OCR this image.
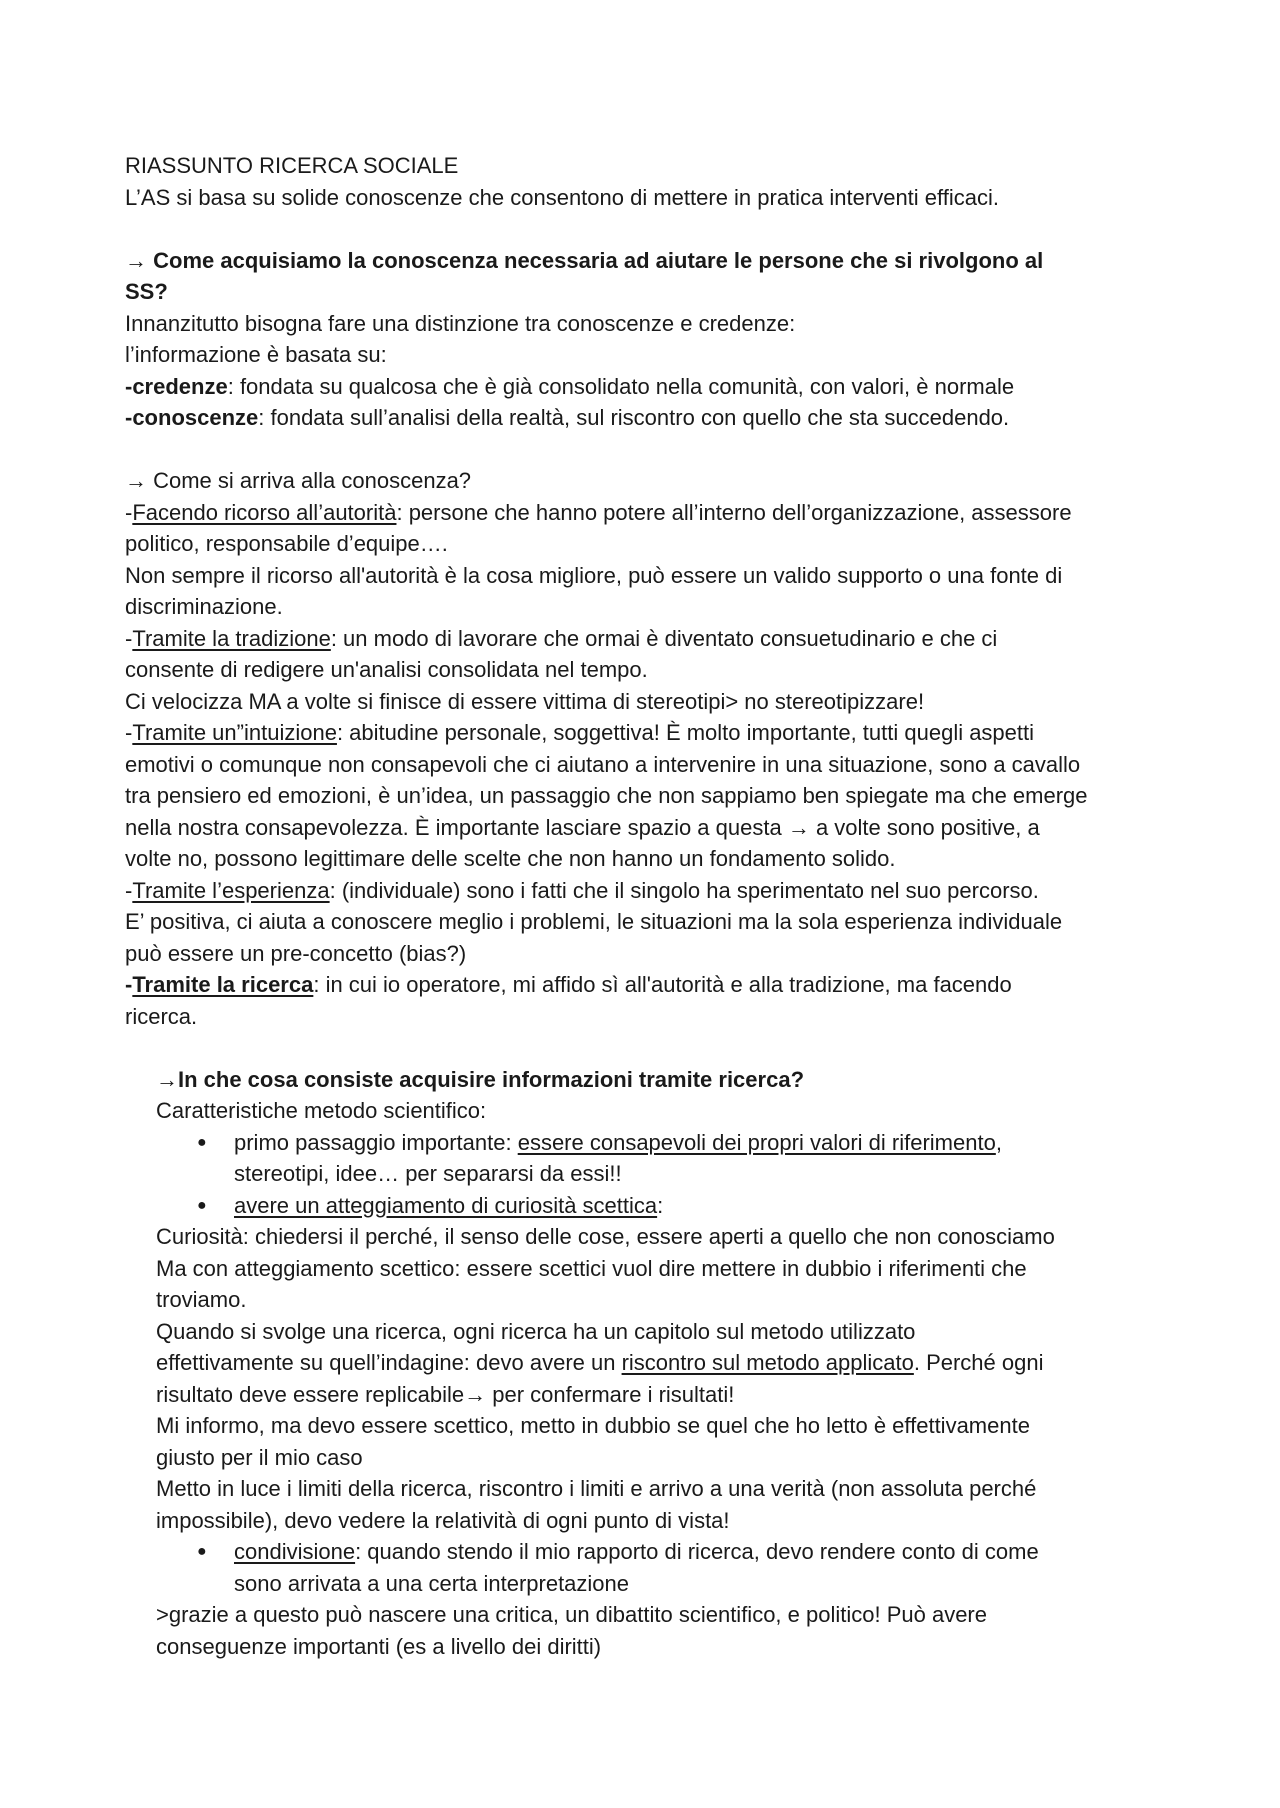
RIASSUNTO RICERCA SOCIALE
L’AS si basa su solide conoscenze che consentono di mettere in pratica interventi efficaci.
→ Come acquisiamo la conoscenza necessaria ad aiutare le persone che si rivolgono al
SS?
Innanzitutto bisogna fare una distinzione tra conoscenze e credenze:
l’informazione è basata su:
-credenze: fondata su qualcosa che è già consolidato nella comunità, con valori, è normale
-conoscenze: fondata sull’analisi della realtà, sul riscontro con quello che sta succedendo.
→ Come si arriva alla conoscenza?
-Facendo ricorso all’autorità: persone che hanno potere all’interno dell’organizzazione, assessore
politico, responsabile d’equipe….
Non sempre il ricorso all'autorità è la cosa migliore, può essere un valido supporto o una fonte di
discriminazione.
-Tramite la tradizione: un modo di lavorare che ormai è diventato consuetudinario e che ci
consente di redigere un'analisi consolidata nel tempo.
Ci velocizza MA a volte si finisce di essere vittima di stereotipi> no stereotipizzare!
-Tramite un”intuizione: abitudine personale, soggettiva! È molto importante, tutti quegli aspetti
emotivi o comunque non consapevoli che ci aiutano a intervenire in una situazione, sono a cavallo
tra pensiero ed emozioni, è un’idea, un passaggio che non sappiamo ben spiegate ma che emerge
nella nostra consapevolezza. È importante lasciare spazio a questa → a volte sono positive, a
volte no, possono legittimare delle scelte che non hanno un fondamento solido.
-Tramite l’esperienza: (individuale) sono i fatti che il singolo ha sperimentato nel suo percorso.
E’ positiva, ci aiuta a conoscere meglio i problemi, le situazioni ma la sola esperienza individuale
può essere un pre-concetto (bias?)
-Tramite la ricerca: in cui io operatore, mi affido sì all'autorità e alla tradizione, ma facendo
ricerca.
→In che cosa consiste acquisire informazioni tramite ricerca?
Caratteristiche metodo scientifico:
● primo passaggio importante: essere consapevoli dei propri valori di riferimento,
stereotipi, idee… per separarsi da essi!!
● avere un atteggiamento di curiosità scettica:
Curiosità: chiedersi il perché, il senso delle cose, essere aperti a quello che non conosciamo
Ma con atteggiamento scettico: essere scettici vuol dire mettere in dubbio i riferimenti che
troviamo.
Quando si svolge una ricerca, ogni ricerca ha un capitolo sul metodo utilizzato
effettivamente su quell’indagine: devo avere un riscontro sul metodo applicato. Perché ogni
risultato deve essere replicabile→ per confermare i risultati!
Mi informo, ma devo essere scettico, metto in dubbio se quel che ho letto è effettivamente
giusto per il mio caso
Metto in luce i limiti della ricerca, riscontro i limiti e arrivo a una verità (non assoluta perché
impossibile), devo vedere la relatività di ogni punto di vista!
● condivisione: quando stendo il mio rapporto di ricerca, devo rendere conto di come
sono arrivata a una certa interpretazione
>grazie a questo può nascere una critica, un dibattito scientifico, e politico! Può avere
conseguenze importanti (es a livello dei diritti)
